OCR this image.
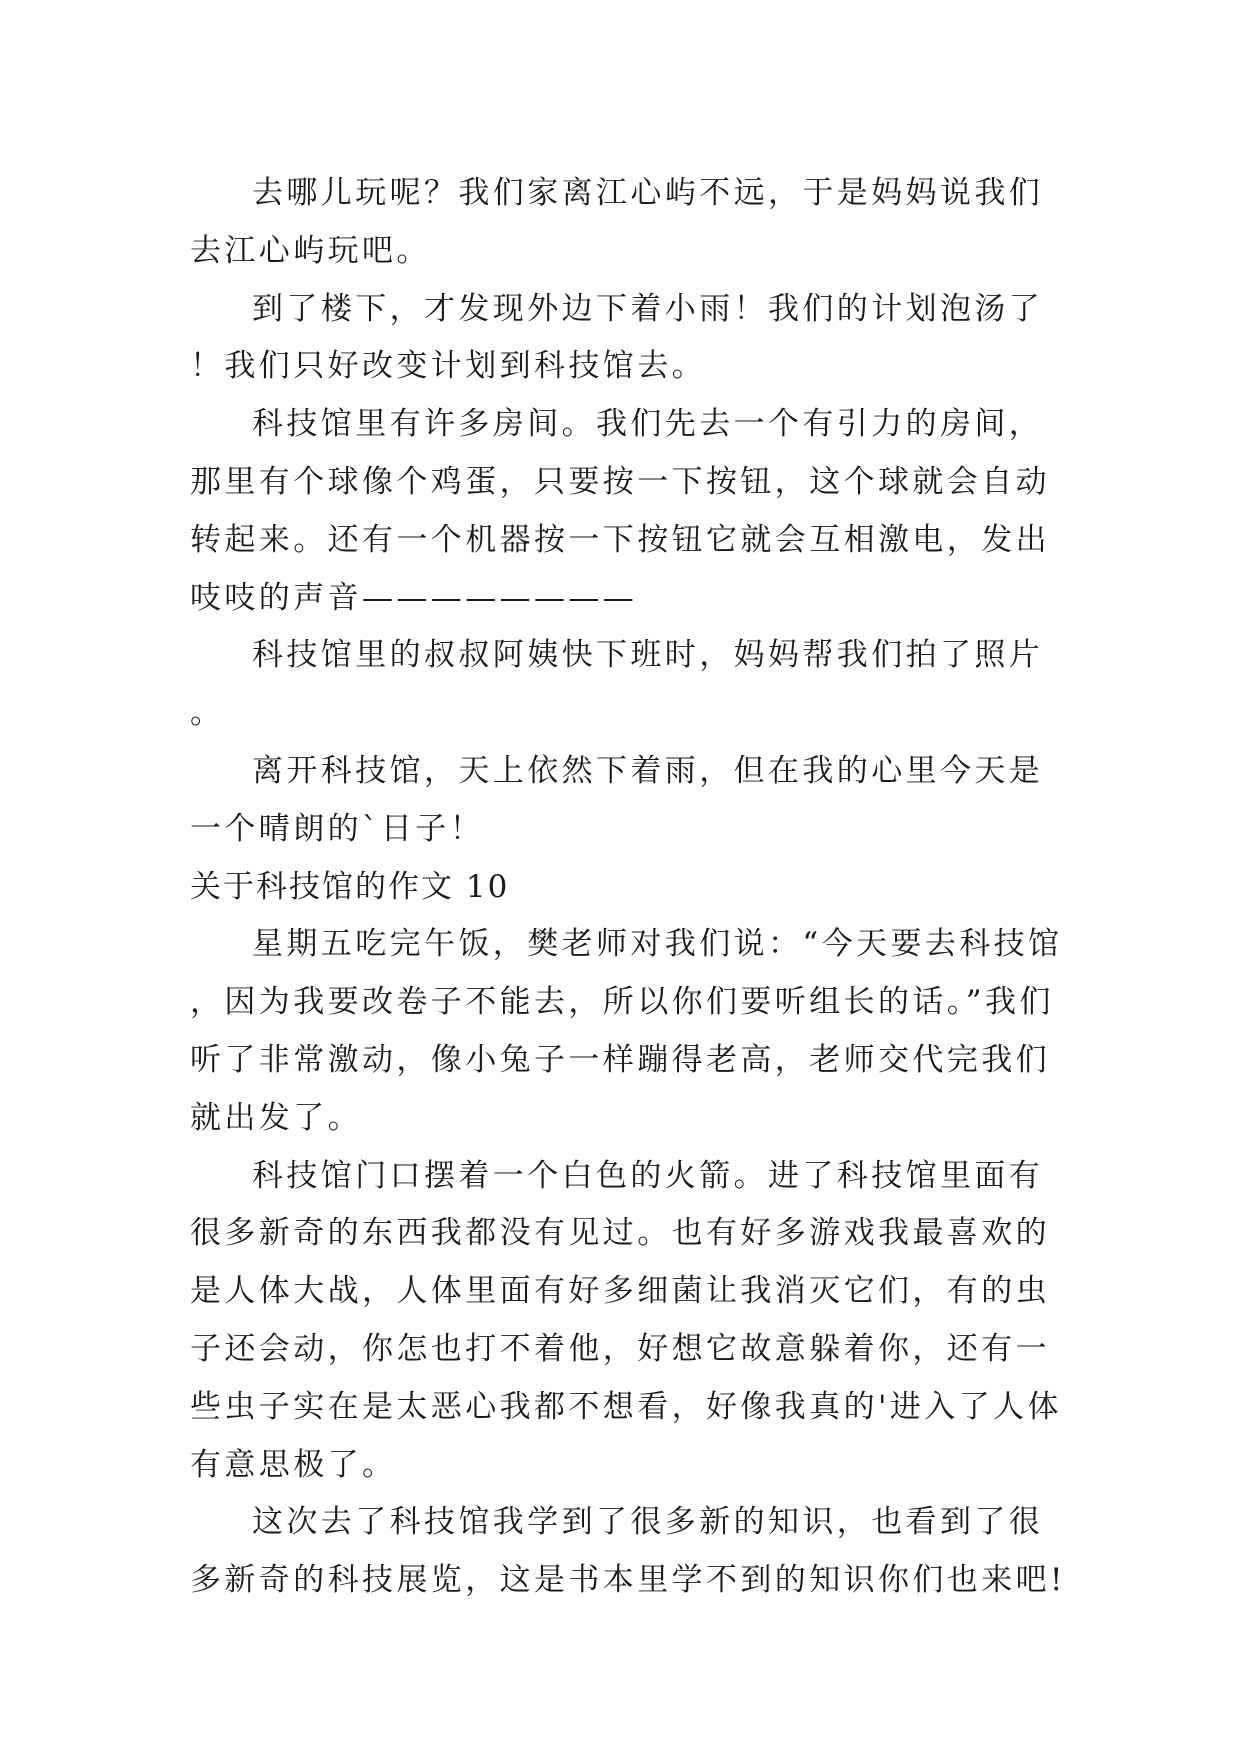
去哪儿玩呢？我们家离江心屿不远，于是妈妈说我们去江心屿玩吧。

到了楼下，才发现外边下着小雨！我们的计划泡汤了！我们只好改变计划到科技馆去。

科技馆里有许多房间。我们先去一个有引力的房间，那里有个球像个鸡蛋，只要按一下按钮，这个球就会自动转起来。还有一个机器按一下按钮它就会互相激电，发出吱吱的声音————————

科技馆里的叔叔阿姨快下班时，妈妈帮我们拍了照片。

离开科技馆，天上依然下着雨，但在我的心里今天是一个晴朗的`日子！

关于科技馆的作文 10

星期五吃完午饭，樊老师对我们说：“今天要去科技馆，因为我要改卷子不能去，所以你们要听组长的话。”我们听了非常激动，像小兔子一样蹦得老高，老师交代完我们就出发了。

科技馆门口摆着一个白色的火箭。进了科技馆里面有很多新奇的东西我都没有见过。也有好多游戏我最喜欢的是人体大战，人体里面有好多细菌让我消灭它们，有的虫子还会动，你怎也打不着他，好想它故意躲着你，还有一些虫子实在是太恶心我都不想看，好像我真的'进入了人体有意思极了。

这次去了科技馆我学到了很多新的知识，也看到了很多新奇的科技展览，这是书本里学不到的知识你们也来吧!
